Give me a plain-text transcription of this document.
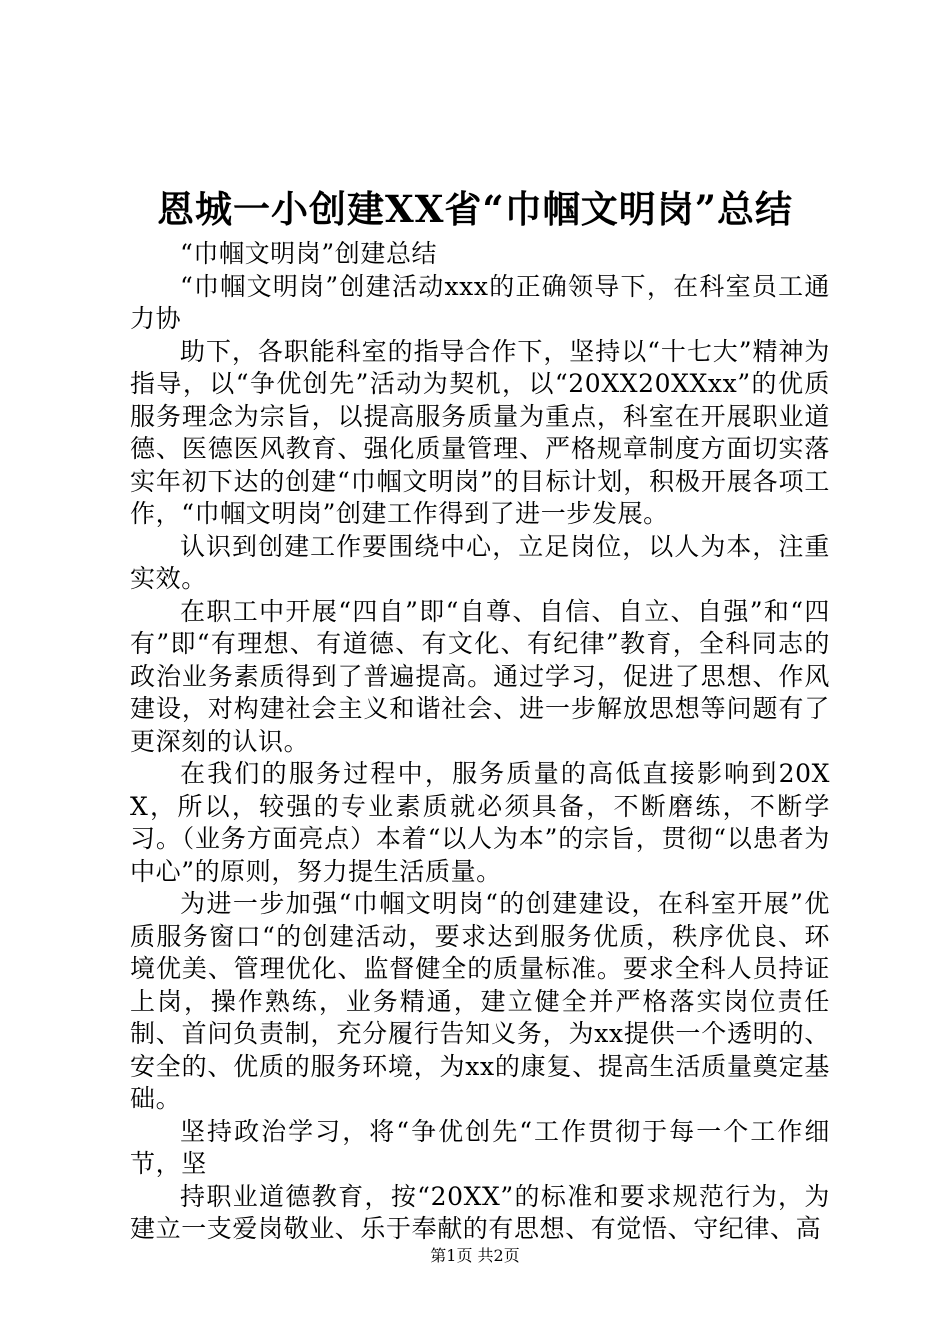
恩城一小创建XX省“巾帼文明岗”总结

“巾帼文明岗”创建总结

“巾帼文明岗”创建活动xxx的正确领导下，在科室员工通力协

助下，各职能科室的指导合作下，坚持以“十七大”精神为指导，以“争优创先”活动为契机，以“20XX20XXxx”的优质服务理念为宗旨，以提高服务质量为重点，科室在开展职业道德、医德医风教育、强化质量管理、严格规章制度方面切实落实年初下达的创建“巾帼文明岗”的目标计划，积极开展各项工作，“巾帼文明岗”创建工作得到了进一步发展。

认识到创建工作要围绕中心，立足岗位，以人为本，注重实效。

在职工中开展“四自”即“自尊、自信、自立、自强”和“四有”即“有理想、有道德、有文化、有纪律”教育，全科同志的政治业务素质得到了普遍提高。通过学习，促进了思想、作风建设，对构建社会主义和谐社会、进一步解放思想等问题有了更深刻的认识。

在我们的服务过程中，服务质量的高低直接影响到20XX，所以，较强的专业素质就必须具备，不断磨练，不断学习。（业务方面亮点）本着“以人为本”的宗旨，贯彻“以患者为中心”的原则，努力提生活质量。

为进一步加强“巾帼文明岗“的创建建设，在科室开展”优质服务窗口“的创建活动，要求达到服务优质，秩序优良、环境优美、管理优化、监督健全的质量标准。要求全科人员持证上岗，操作熟练，业务精通，建立健全并严格落实岗位责任制、首问负责制，充分履行告知义务，为xx提供一个透明的、安全的、优质的服务环境，为xx的康复、提高生活质量奠定基础。

坚持政治学习，将“争优创先“工作贯彻于每一个工作细节，坚

持职业道德教育，按“20XX”的标准和要求规范行为，为建立一支爱岗敬业、乐于奉献的有思想、有觉悟、守纪律、高

第1页 共2页
